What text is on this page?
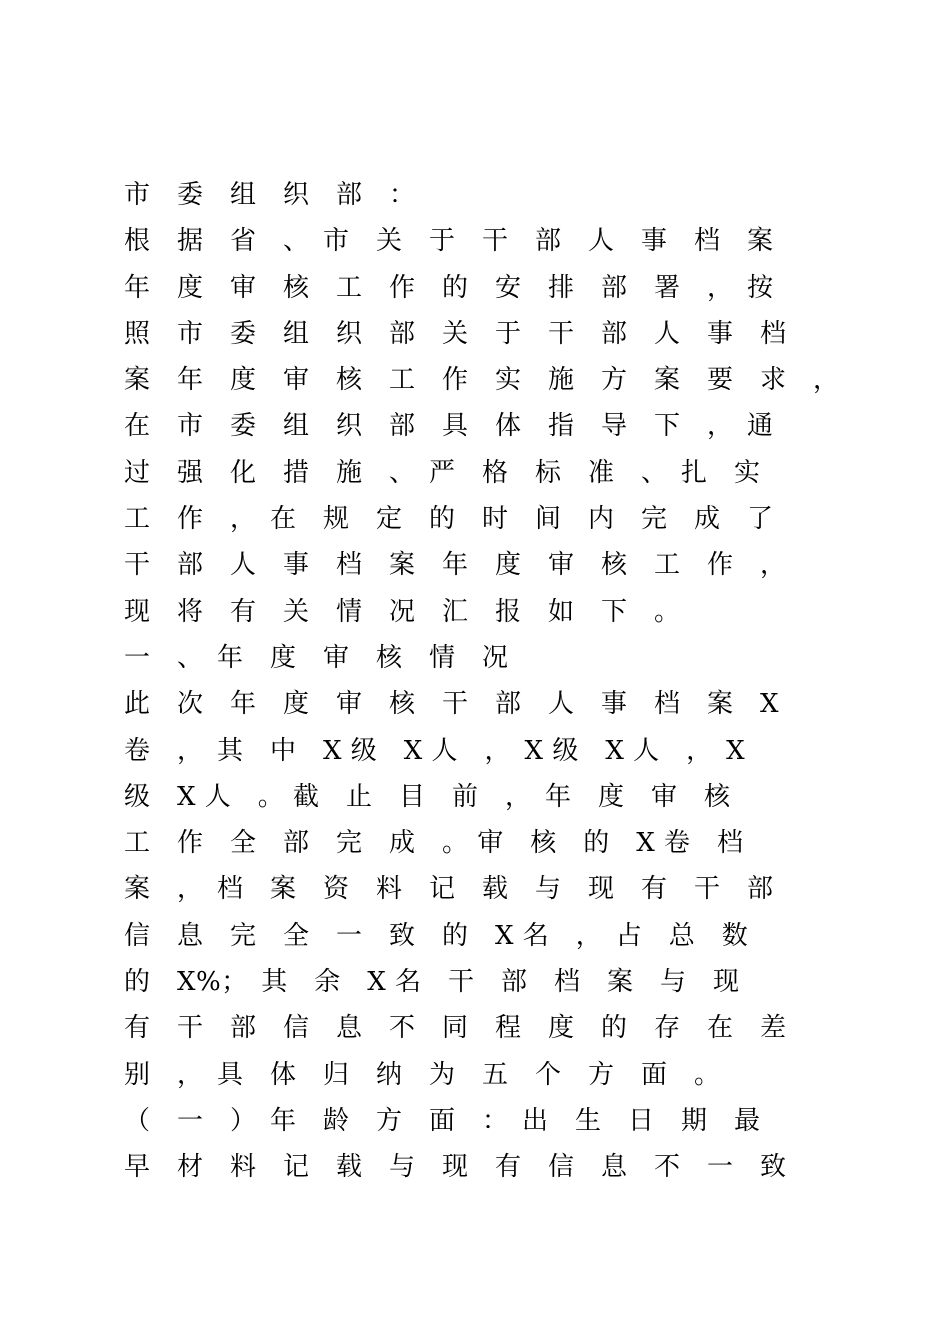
市　委　组　织　部　：
根　据　省　、　市　关　于　干　部　人　事　档　案
年　度　审　核　工　作　的　安　排　部　署　，　按
照　市　委　组　织　部　关　于　干　部　人　事　档
案　年　度　审　核　工　作　实　施　方　案　要　求　，
在　市　委　组　织　部　具　体　指　导　下　，　通
过　强　化　措　施　、　严　格　标　准　、　扎　实
工　作　，　在　规　定　的　时　间　内　完　成　了
干　部　人　事　档　案　年　度　审　核　工　作　，
现　将　有　关　情　况　汇　报　如　下　。
一　、　年　度　审　核　情　况
此　次　年　度　审　核　干　部　人　事　档　案　X
卷　，　其　中　X 级　X 人　，　X 级　X 人　，　X
级　X 人　。 截　止　目　前　，　年　度　审　核
工　作　全　部　完　成　。 审　核　的　X 卷　档
案　，　档　案　资　料　记　载　与　现　有　干　部
信　息　完　全　一　致　的　X 名　，　占　总　数
的　X%；　其　余　X 名　干　部　档　案　与　现
有　干　部　信　息　不　同　程　度　的　存　在　差
别　，　具　体　归　纳　为　五　个　方　面　。
（　一　）　年　龄　方　面　：　出　生　日　期　最
早　材　料　记　载　与　现　有　信　息　不　一　致
